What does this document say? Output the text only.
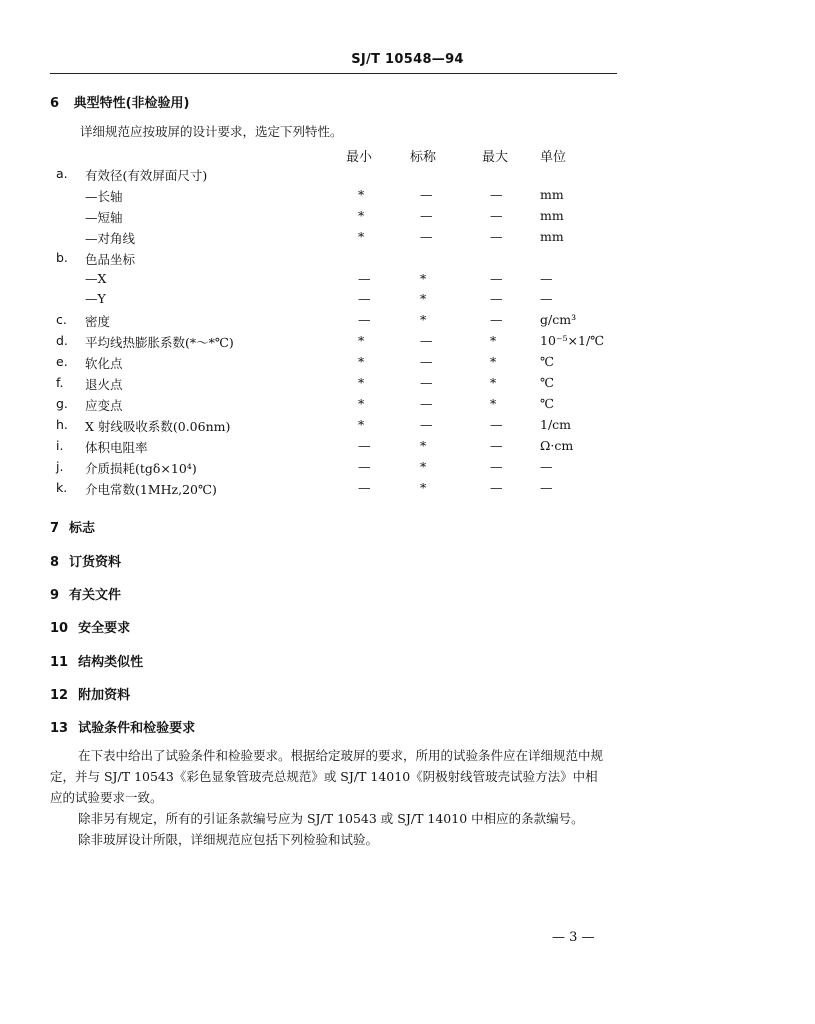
SJ/T 10548—94
6 典型特性(非检验用)
详细规范应按玻屏的设计要求，选定下列特性。
最小	标称	最大 单位
a. 有效径(有效屏面尺寸)
—长轴	*	—	—	mm
—短轴	*	—	—	mm
—对角线	*	—	—	mm
b. 色品坐标
—X	—	*	—	—
—Y	—	*	—	—
c. 密度	—	*	—	g/cm³
d. 平均线热膨胀系数(*～*℃)	*	—	*	10⁻⁵×1/℃
e. 软化点	*	—	*	℃
f. 退火点	*	—	*	℃
g. 应变点	*	—	*	℃
h. X 射线吸收系数(0.06nm)	*	—	—	1/cm
i. 体积电阻率	—	*	—	Ω·cm
j. 介质损耗(tgδ×10⁴)	—	*	—	—
k. 介电常数(1MHz,20℃)	—	*	—	—
7 标志
8 订货资料
9 有关文件
10 安全要求
11 结构类似性
12 附加资料
13 试验条件和检验要求
在下表中给出了试验条件和检验要求。根据给定玻屏的要求，所用的试验条件应在详细规范中规定，并与 SJ/T 10543《彩色显象管玻壳总规范》或 SJ/T 14010《阴极射线管玻壳试验方法》中相应的试验要求一致。
除非另有规定，所有的引证条款编号应为 SJ/T 10543 或 SJ/T 14010 中相应的条款编号。
除非玻屏设计所限，详细规范应包括下列检验和试验。
— 3 —
